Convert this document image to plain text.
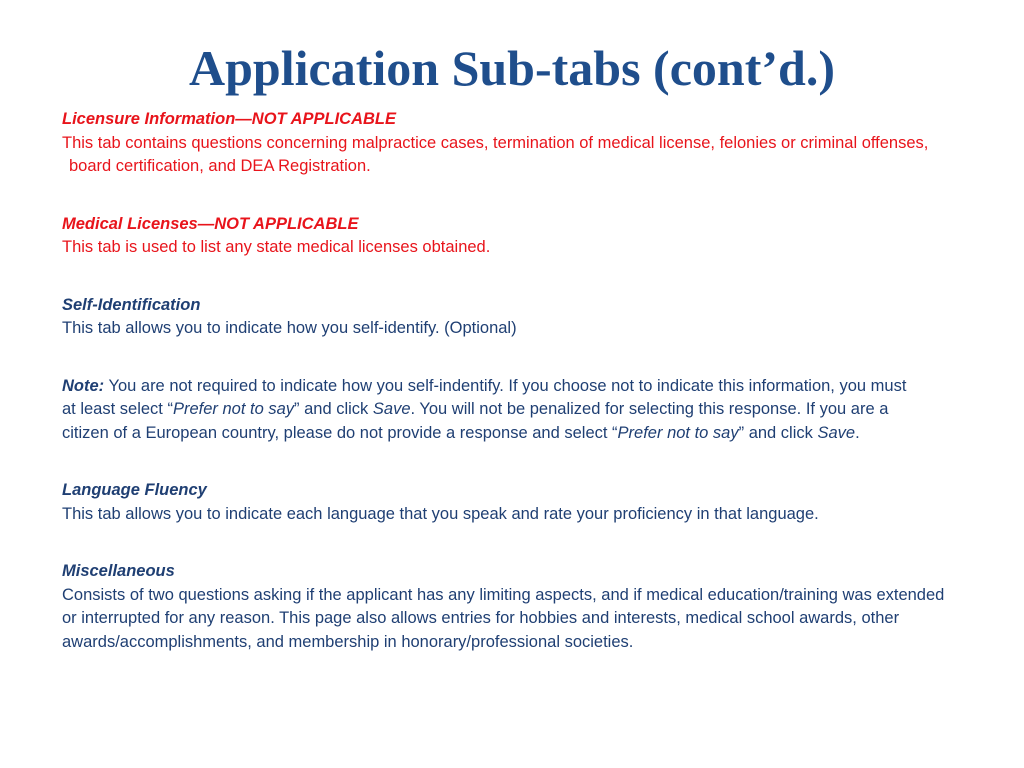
Application Sub-tabs (cont’d.)

Licensure Information—NOT APPLICABLE

This tab contains questions concerning malpractice cases, termination of medical license, felonies or criminal offenses, board certification, and DEA Registration.

Medical Licenses—NOT APPLICABLE

This tab is used to list any state medical licenses obtained.

Self-Identification

This tab allows you to indicate how you self-identify. (Optional)

Note: You are not required to indicate how you self-indentify. If you choose not to indicate this information, you must at least select “Prefer not to say” and click Save. You will not be penalized for selecting this response. If you are a citizen of a European country, please do not provide a response and select “Prefer not to say” and click Save.

Language Fluency

This tab allows you to indicate each language that you speak and rate your proficiency in that language.

Miscellaneous

Consists of two questions asking if the applicant has any limiting aspects, and if medical education/training was extended or interrupted for any reason. This page also allows entries for hobbies and interests, medical school awards, other awards/accomplishments, and membership in honorary/professional societies.
